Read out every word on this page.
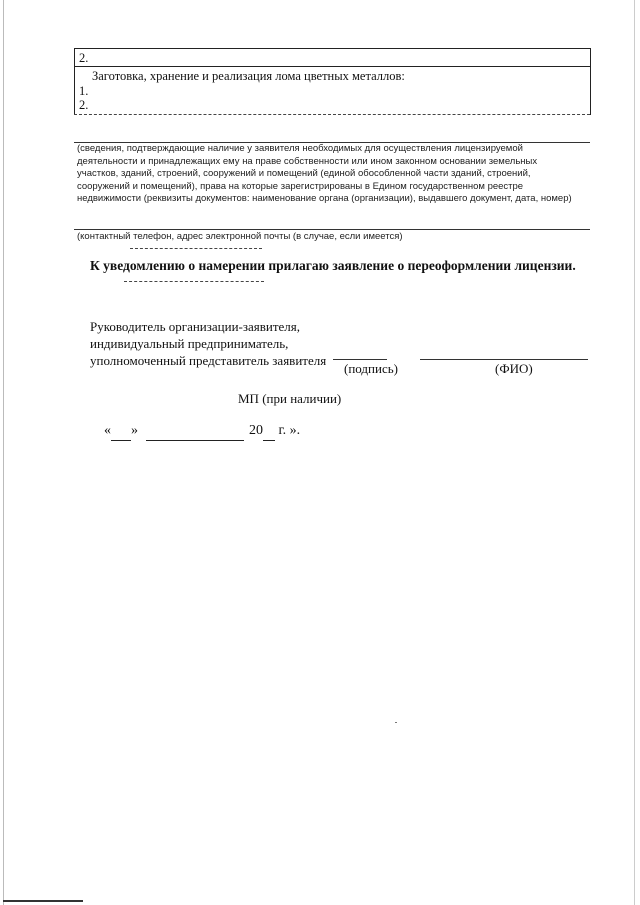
2.
Заготовка, хранение и реализация лома цветных металлов:
1.
2.
(сведения, подтверждающие наличие у заявителя необходимых для осуществления лицензируемой деятельности и принадлежащих ему на праве собственности или ином законном основании земельных участков, зданий, строений, сооружений и помещений (единой обособленной части зданий, строений, сооружений и помещений), права на которые зарегистрированы в Едином государственном реестре недвижимости (реквизиты документов: наименование органа (организации), выдавшего документ, дата, номер)
(контактный телефон, адрес электронной почты (в случае, если имеется)
К уведомлению о намерении прилагаю заявление о переоформлении лицензии.
Руководитель организации-заявителя,
индивидуальный предприниматель,
уполномоченный представитель заявителя
(подпись)	(ФИО)
МП (при наличии)
« »	20 г. ».
